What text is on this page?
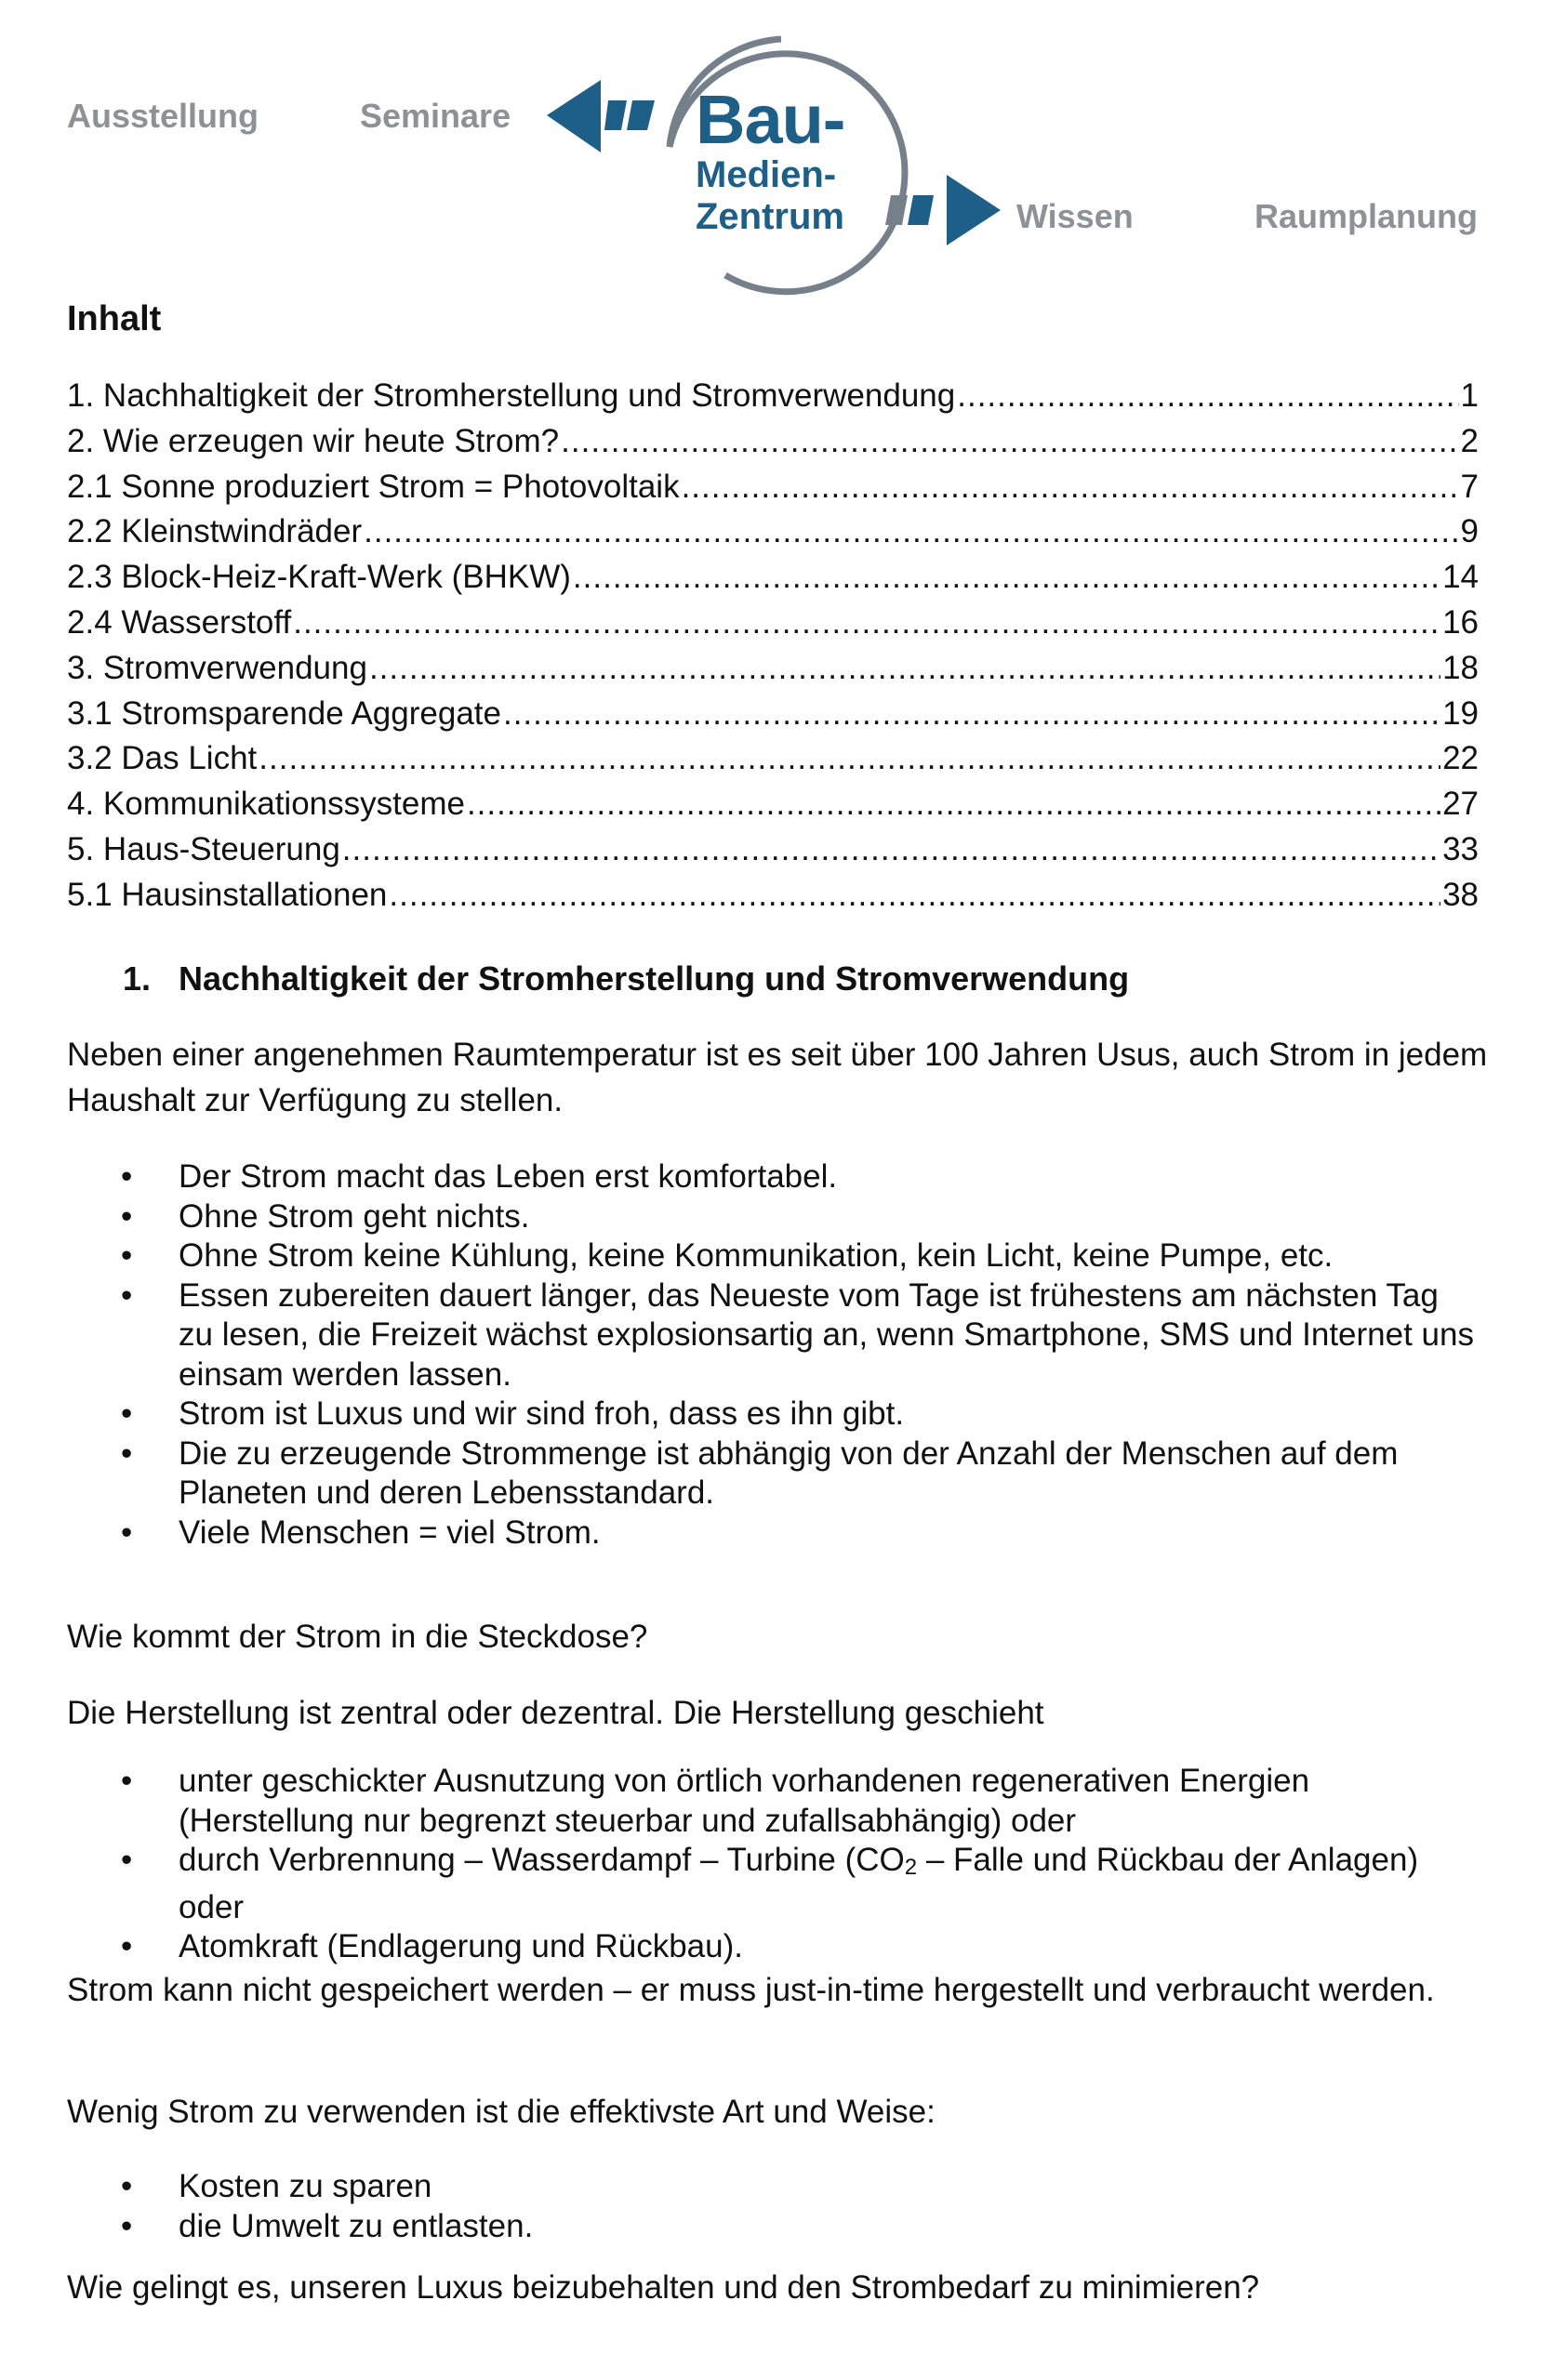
Ausstellung	Seminare	Bau-
Medien-
Zentrum	Wissen	Raumplanung
Inhalt
1. Nachhaltigkeit der Stromherstellung und Stromverwendung .....	1
2. Wie erzeugen wir heute Strom? .....	2
2.1 Sonne produziert Strom = Photovoltaik .....	7
2.2 Kleinstwindräder .....	9
2.3 Block-Heiz-Kraft-Werk (BHKW) .....	14
2.4 Wasserstoff .....	16
3. Stromverwendung .....	18
3.1 Stromsparende Aggregate .....	19
3.2 Das Licht .....	22
4. Kommunikationssysteme .....	27
5. Haus-Steuerung .....	33
5.1 Hausinstallationen .....	38
1. Nachhaltigkeit der Stromherstellung und Stromverwendung
Neben einer angenehmen Raumtemperatur ist es seit über 100 Jahren Usus, auch Strom in jedem Haushalt zur Verfügung zu stellen.
• Der Strom macht das Leben erst komfortabel.
• Ohne Strom geht nichts.
• Ohne Strom keine Kühlung, keine Kommunikation, kein Licht, keine Pumpe, etc.
• Essen zubereiten dauert länger, das Neueste vom Tage ist frühestens am nächsten Tag zu lesen, die Freizeit wächst explosionsartig an, wenn Smartphone, SMS und Internet uns einsam werden lassen.
• Strom ist Luxus und wir sind froh, dass es ihn gibt.
• Die zu erzeugende Strommenge ist abhängig von der Anzahl der Menschen auf dem Planeten und deren Lebensstandard.
• Viele Menschen = viel Strom.
Wie kommt der Strom in die Steckdose?
Die Herstellung ist zentral oder dezentral. Die Herstellung geschieht
• unter geschickter Ausnutzung von örtlich vorhandenen regenerativen Energien (Herstellung nur begrenzt steuerbar und zufallsabhängig) oder
• durch Verbrennung – Wasserdampf – Turbine (CO2 – Falle und Rückbau der Anlagen) oder
• Atomkraft (Endlagerung und Rückbau).
Strom kann nicht gespeichert werden – er muss just-in-time hergestellt und verbraucht werden.
Wenig Strom zu verwenden ist die effektivste Art und Weise:
• Kosten zu sparen
• die Umwelt zu entlasten.
Wie gelingt es, unseren Luxus beizubehalten und den Strombedarf zu minimieren?
